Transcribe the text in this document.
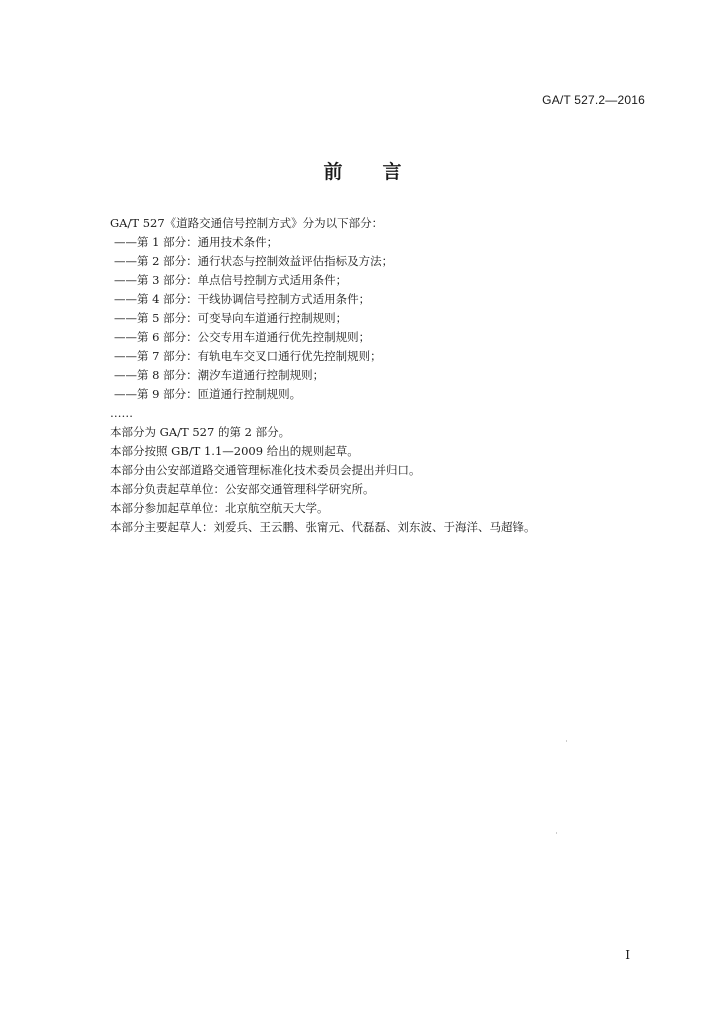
GA/T 527.2—2016
前言
GA/T 527《道路交通信号控制方式》分为以下部分：
——第 1 部分：通用技术条件；
——第 2 部分：通行状态与控制效益评估指标及方法；
——第 3 部分：单点信号控制方式适用条件；
——第 4 部分：干线协调信号控制方式适用条件；
——第 5 部分：可变导向车道通行控制规则；
——第 6 部分：公交专用车道通行优先控制规则；
——第 7 部分：有轨电车交叉口通行优先控制规则；
——第 8 部分：潮汐车道通行控制规则；
——第 9 部分：匝道通行控制规则。
……
本部分为 GA/T 527 的第 2 部分。
本部分按照 GB/T 1.1—2009 给出的规则起草。
本部分由公安部道路交通管理标准化技术委员会提出并归口。
本部分负责起草单位：公安部交通管理科学研究所。
本部分参加起草单位：北京航空航天大学。
本部分主要起草人：刘爱兵、王云鹏、张甯元、代磊磊、刘东波、于海洋、马超锋。
I
